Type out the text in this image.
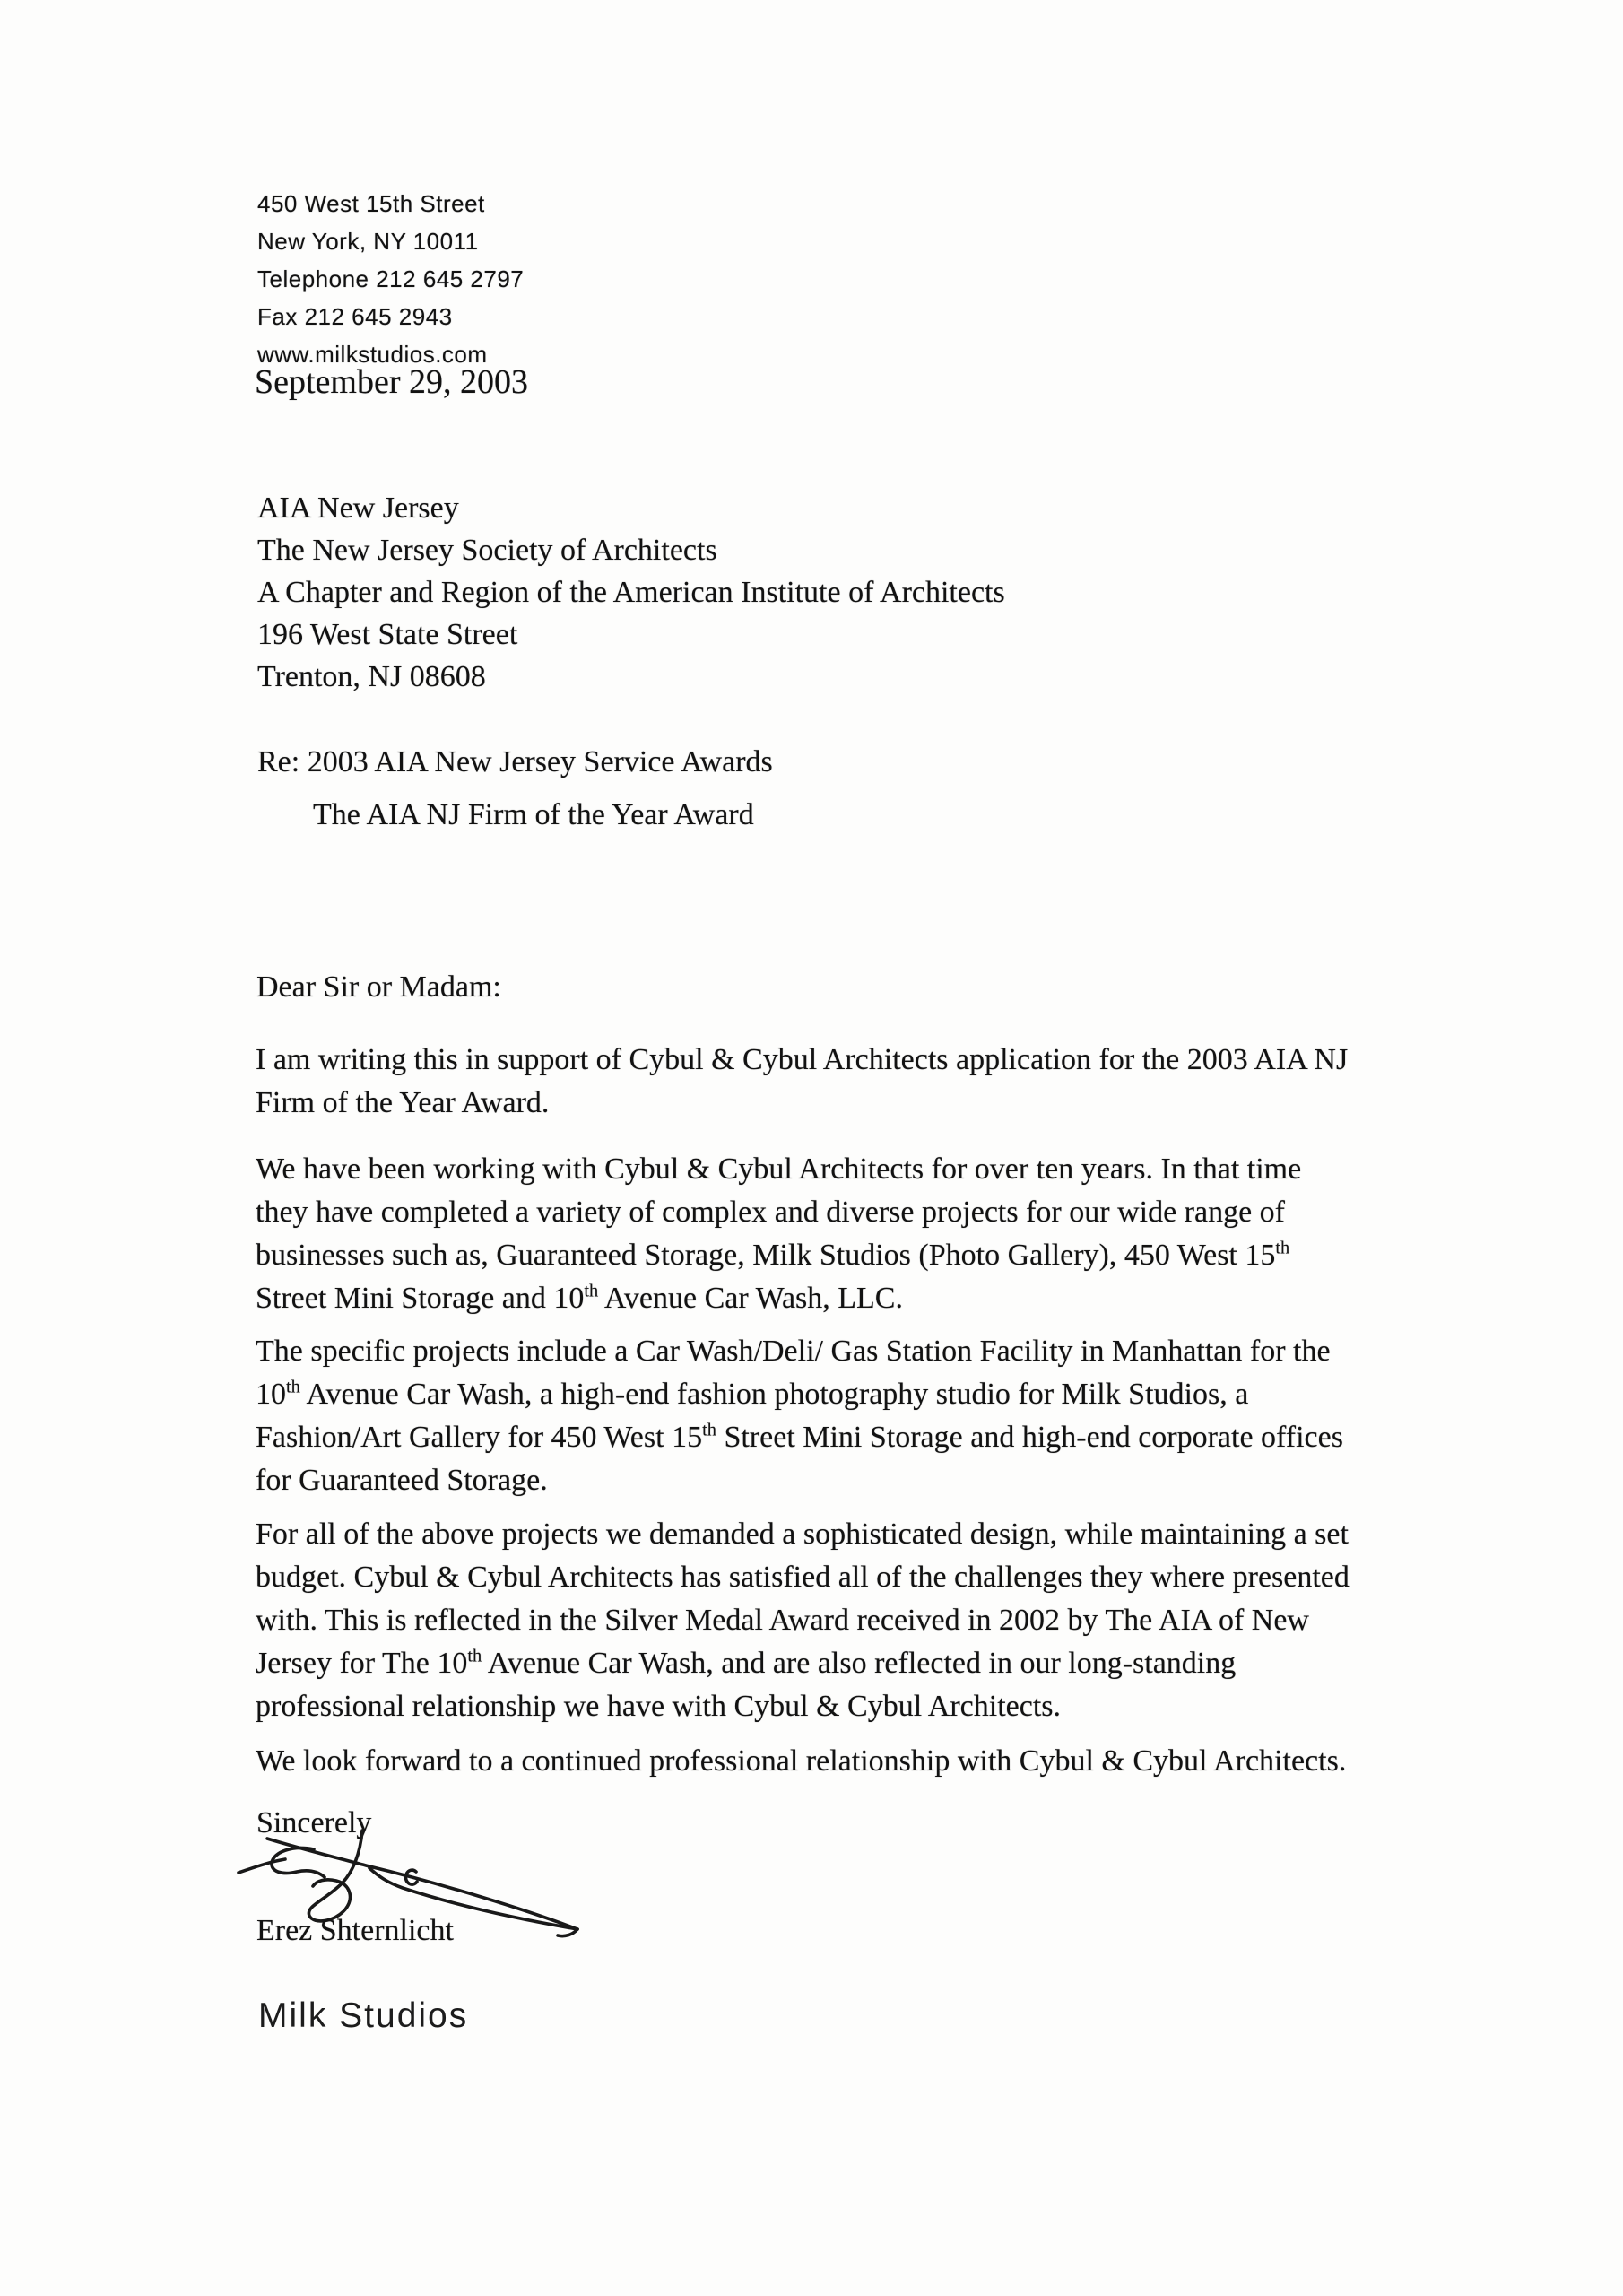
450 West 15th Street
New York, NY 10011
Telephone 212 645 2797
Fax 212 645 2943
www.milkstudios.com
September 29, 2003
AIA New Jersey
The New Jersey Society of Architects
A Chapter and Region of the American Institute of Architects
196 West State Street
Trenton, NJ 08608
Re: 2003 AIA New Jersey Service Awards
The AIA NJ Firm of the Year Award
Dear Sir or Madam:
I am writing this in support of Cybul & Cybul Architects application for the 2003 AIA NJ
Firm of the Year Award.
We have been working with Cybul & Cybul Architects for over ten years. In that time
they have completed a variety of complex and diverse projects for our wide range of
businesses such as, Guaranteed Storage, Milk Studios (Photo Gallery), 450 West 15th
Street Mini Storage and 10th Avenue Car Wash, LLC.
The specific projects include a Car Wash/Deli/ Gas Station Facility in Manhattan for the
10th Avenue Car Wash, a high-end fashion photography studio for Milk Studios, a
Fashion/Art Gallery for 450 West 15th Street Mini Storage and high-end corporate offices
for Guaranteed Storage.
For all of the above projects we demanded a sophisticated design, while maintaining a set
budget. Cybul & Cybul Architects has satisfied all of the challenges they where presented
with. This is reflected in the Silver Medal Award received in 2002 by The AIA of New
Jersey for The 10th Avenue Car Wash, and are also reflected in our long-standing
professional relationship we have with Cybul & Cybul Architects.
We look forward to a continued professional relationship with Cybul & Cybul Architects.
Sincerely
Erez Shternlicht
Milk Studios
